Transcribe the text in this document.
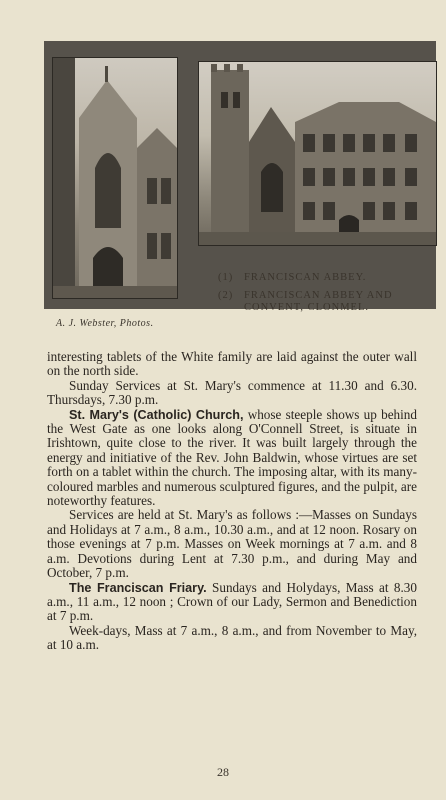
(1) FRANCISCAN ABBEY.
(2) FRANCISCAN ABBEY AND
CONVENT, CLONMEL.
A. J. Webster, Photos.

interesting tablets of the White family are laid against the outer wall on the north side.

Sunday Services at St. Mary's commence at 11.30 and 6.30. Thursdays, 7.30 p.m.

St. Mary's (Catholic) Church, whose steeple shows up behind the West Gate as one looks along O'Connell Street, is situate in Irishtown, quite close to the river. It was built largely through the energy and initiative of the Rev. John Baldwin, whose virtues are set forth on a tablet within the church. The imposing altar, with its many-coloured marbles and numerous sculptured figures, and the pulpit, are noteworthy features.

Services are held at St. Mary's as follows :—Masses on Sundays and Holidays at 7 a.m., 8 a.m., 10.30 a.m., and at 12 noon. Rosary on those evenings at 7 p.m. Masses on Week mornings at 7 a.m. and 8 a.m. Devotions during Lent at 7.30 p.m., and during May and October, 7 p.m.

The Franciscan Friary. Sundays and Holydays, Mass at 8.30 a.m., 11 a.m., 12 noon ; Crown of our Lady, Sermon and Benediction at 7 p.m.

Week-days, Mass at 7 a.m., 8 a.m., and from November to May, at 10 a.m.

28
